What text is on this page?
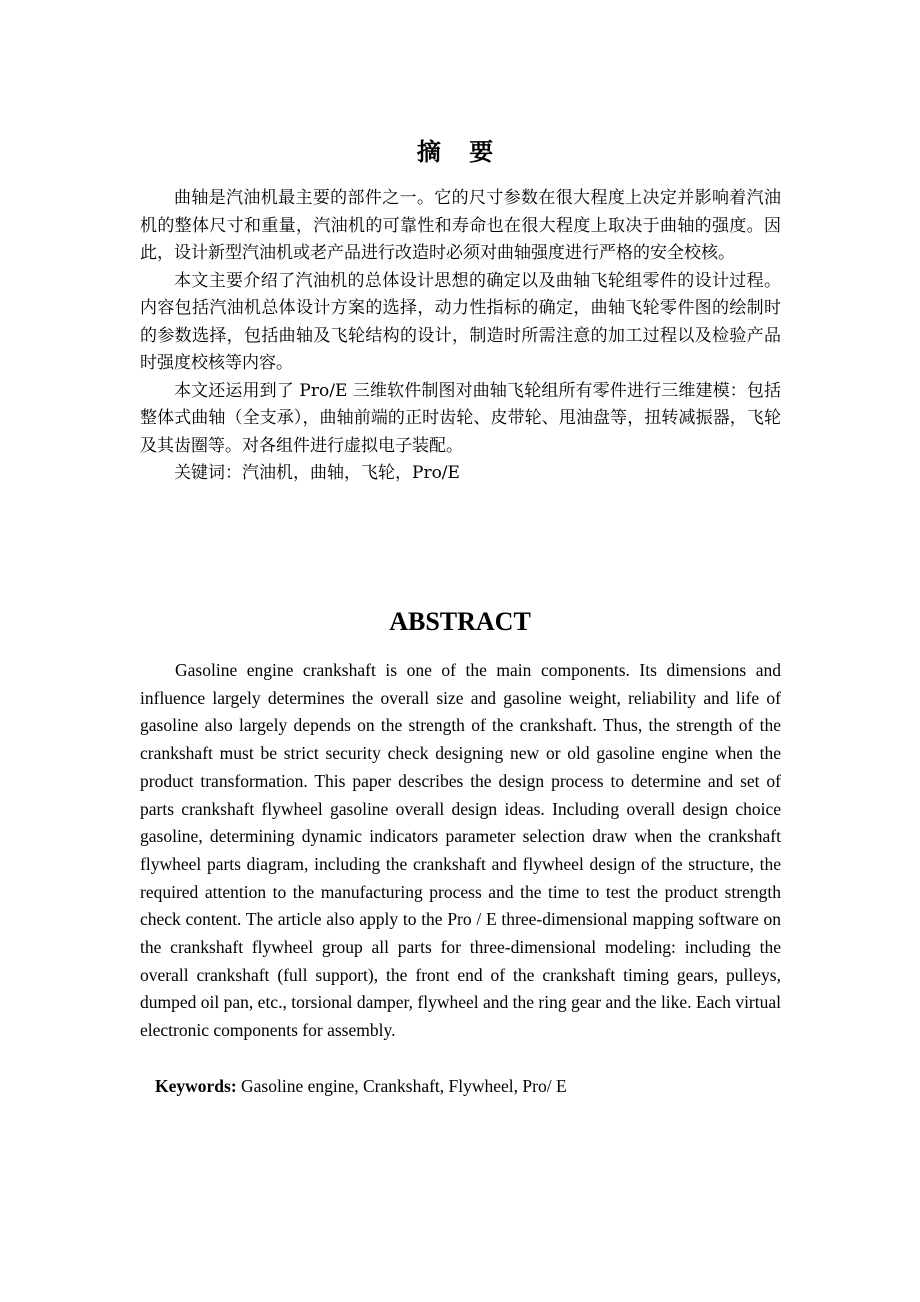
摘 要

曲轴是汽油机最主要的部件之一。它的尺寸参数在很大程度上决定并影响着汽油机的整体尺寸和重量，汽油机的可靠性和寿命也在很大程度上取决于曲轴的强度。因此，设计新型汽油机或老产品进行改造时必须对曲轴强度进行严格的安全校核。

本文主要介绍了汽油机的总体设计思想的确定以及曲轴飞轮组零件的设计过程。内容包括汽油机总体设计方案的选择，动力性指标的确定，曲轴飞轮零件图的绘制时的参数选择，包括曲轴及飞轮结构的设计，制造时所需注意的加工过程以及检验产品时强度校核等内容。

本文还运用到了 Pro/E 三维软件制图对曲轴飞轮组所有零件进行三维建模：包括整体式曲轴（全支承），曲轴前端的正时齿轮、皮带轮、甩油盘等，扭转减振器，飞轮及其齿圈等。对各组件进行虚拟电子装配。

关键词：汽油机，曲轴，飞轮，Pro/E

ABSTRACT

Gasoline engine crankshaft is one of the main components. Its dimensions and influence largely determines the overall size and gasoline weight, reliability and life of gasoline also largely depends on the strength of the crankshaft. Thus, the strength of the crankshaft must be strict security check designing new or old gasoline engine when the product transformation. This paper describes the design process to determine and set of parts crankshaft flywheel gasoline overall design ideas. Including overall design choice gasoline, determining dynamic indicators parameter selection draw when the crankshaft flywheel parts diagram, including the crankshaft and flywheel design of the structure, the required attention to the manufacturing process and the time to test the product strength check content. The article also apply to the Pro / E three-dimensional mapping software on the crankshaft flywheel group all parts for three-dimensional modeling: including the overall crankshaft (full support), the front end of the crankshaft timing gears, pulleys, dumped oil pan, etc., torsional damper, flywheel and the ring gear and the like. Each virtual electronic components for assembly.

Keywords: Gasoline engine, Crankshaft, Flywheel, Pro/ E
